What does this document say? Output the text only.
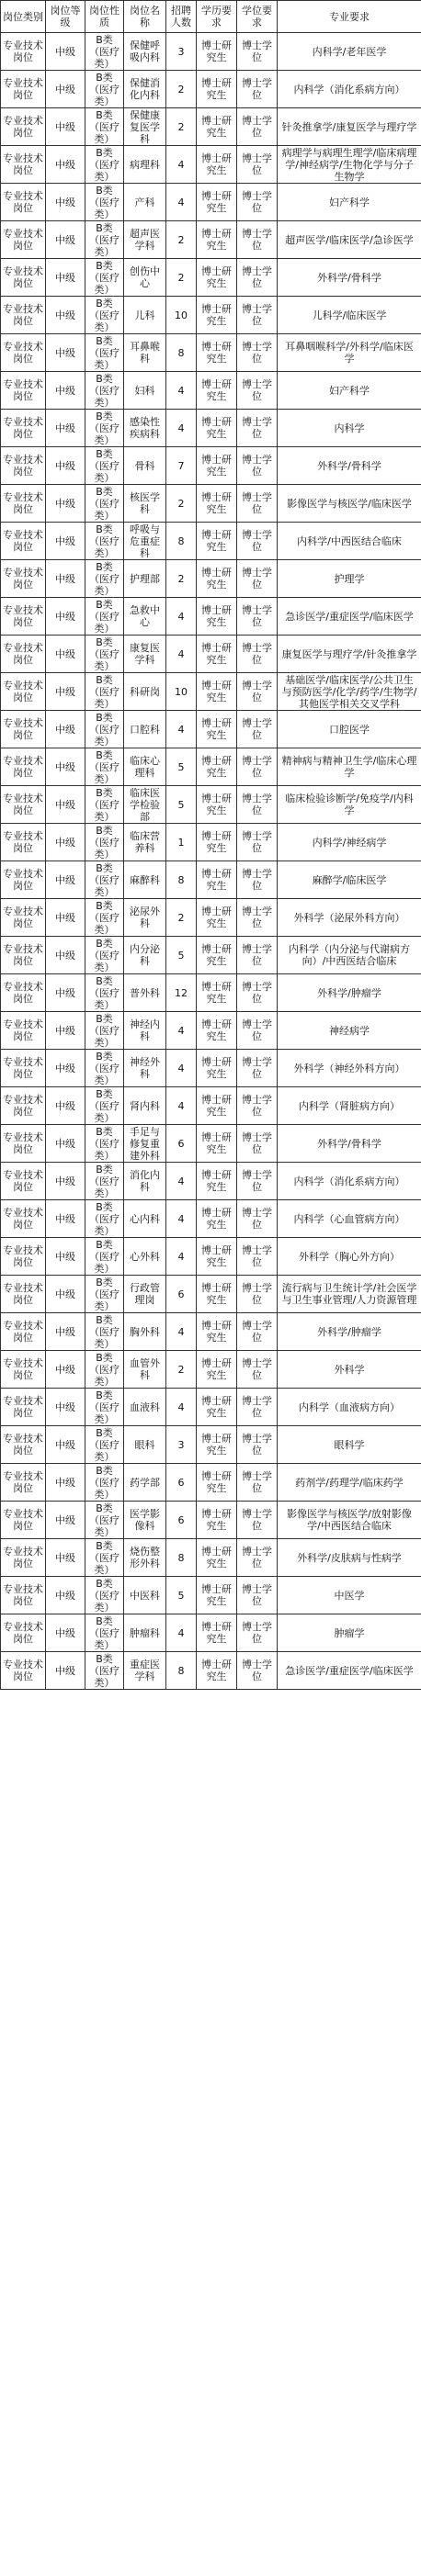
岗位类别	岗位等级	岗位性质	岗位名称	招聘人数	学历要求	学位要求	专业要求
专业技术岗位	中级	B类（医疗类）	保健呼吸内科	3	博士研究生	博士学位	内科学/老年医学
专业技术岗位	中级	B类（医疗类）	保健消化内科	2	博士研究生	博士学位	内科学（消化系病方向）
专业技术岗位	中级	B类（医疗类）	保健康复医学科	2	博士研究生	博士学位	针灸推拿学/康复医学与理疗学
专业技术岗位	中级	B类（医疗类）	病理科	4	博士研究生	博士学位	病理学与病理生理学/临床病理学/神经病学/生物化学与分子生物学
专业技术岗位	中级	B类（医疗类）	产科	4	博士研究生	博士学位	妇产科学
专业技术岗位	中级	B类（医疗类）	超声医学科	2	博士研究生	博士学位	超声医学/临床医学/急诊医学
专业技术岗位	中级	B类（医疗类）	创伤中心	2	博士研究生	博士学位	外科学/骨科学
专业技术岗位	中级	B类（医疗类）	儿科	10	博士研究生	博士学位	儿科学/临床医学
专业技术岗位	中级	B类（医疗类）	耳鼻喉科	8	博士研究生	博士学位	耳鼻咽喉科学/外科学/临床医学
专业技术岗位	中级	B类（医疗类）	妇科	4	博士研究生	博士学位	妇产科学
专业技术岗位	中级	B类（医疗类）	感染性疾病科	4	博士研究生	博士学位	内科学
专业技术岗位	中级	B类（医疗类）	骨科	7	博士研究生	博士学位	外科学/骨科学
专业技术岗位	中级	B类（医疗类）	核医学科	2	博士研究生	博士学位	影像医学与核医学/临床医学
专业技术岗位	中级	B类（医疗类）	呼吸与危重症科	8	博士研究生	博士学位	内科学/中西医结合临床
专业技术岗位	中级	B类（医疗类）	护理部	2	博士研究生	博士学位	护理学
专业技术岗位	中级	B类（医疗类）	急救中心	4	博士研究生	博士学位	急诊医学/重症医学/临床医学
专业技术岗位	中级	B类（医疗类）	康复医学科	4	博士研究生	博士学位	康复医学与理疗学/针灸推拿学
专业技术岗位	中级	B类（医疗类）	科研岗	10	博士研究生	博士学位	基础医学/临床医学/公共卫生与预防医学/化学/药学/生物学/其他医学相关交叉学科
专业技术岗位	中级	B类（医疗类）	口腔科	4	博士研究生	博士学位	口腔医学
专业技术岗位	中级	B类（医疗类）	临床心理科	5	博士研究生	博士学位	精神病与精神卫生学/临床心理学
专业技术岗位	中级	B类（医疗类）	临床医学检验部	5	博士研究生	博士学位	临床检验诊断学/免疫学/内科学
专业技术岗位	中级	B类（医疗类）	临床营养科	1	博士研究生	博士学位	内科学/神经病学
专业技术岗位	中级	B类（医疗类）	麻醉科	8	博士研究生	博士学位	麻醉学/临床医学
专业技术岗位	中级	B类（医疗类）	泌尿外科	2	博士研究生	博士学位	外科学（泌尿外科方向）
专业技术岗位	中级	B类（医疗类）	内分泌科	5	博士研究生	博士学位	内科学（内分泌与代谢病方向）/中西医结合临床
专业技术岗位	中级	B类（医疗类）	普外科	12	博士研究生	博士学位	外科学/肿瘤学
专业技术岗位	中级	B类（医疗类）	神经内科	4	博士研究生	博士学位	神经病学
专业技术岗位	中级	B类（医疗类）	神经外科	4	博士研究生	博士学位	外科学（神经外科方向）
专业技术岗位	中级	B类（医疗类）	肾内科	4	博士研究生	博士学位	内科学（肾脏病方向）
专业技术岗位	中级	B类（医疗类）	手足与修复重建外科	6	博士研究生	博士学位	外科学/骨科学
专业技术岗位	中级	B类（医疗类）	消化内科	4	博士研究生	博士学位	内科学（消化系病方向）
专业技术岗位	中级	B类（医疗类）	心内科	4	博士研究生	博士学位	内科学（心血管病方向）
专业技术岗位	中级	B类（医疗类）	心外科	4	博士研究生	博士学位	外科学（胸心外方向）
专业技术岗位	中级	B类（医疗类）	行政管理岗	6	博士研究生	博士学位	流行病与卫生统计学/社会医学与卫生事业管理/人力资源管理
专业技术岗位	中级	B类（医疗类）	胸外科	4	博士研究生	博士学位	外科学/肿瘤学
专业技术岗位	中级	B类（医疗类）	血管外科	2	博士研究生	博士学位	外科学
专业技术岗位	中级	B类（医疗类）	血液科	4	博士研究生	博士学位	内科学（血液病方向）
专业技术岗位	中级	B类（医疗类）	眼科	3	博士研究生	博士学位	眼科学
专业技术岗位	中级	B类（医疗类）	药学部	6	博士研究生	博士学位	药剂学/药理学/临床药学
专业技术岗位	中级	B类（医疗类）	医学影像科	6	博士研究生	博士学位	影像医学与核医学/放射影像学/中西医结合临床
专业技术岗位	中级	B类（医疗类）	烧伤整形外科	8	博士研究生	博士学位	外科学/皮肤病与性病学
专业技术岗位	中级	B类（医疗类）	中医科	5	博士研究生	博士学位	中医学
专业技术岗位	中级	B类（医疗类）	肿瘤科	4	博士研究生	博士学位	肿瘤学
专业技术岗位	中级	B类（医疗类）	重症医学科	8	博士研究生	博士学位	急诊医学/重症医学/临床医学
